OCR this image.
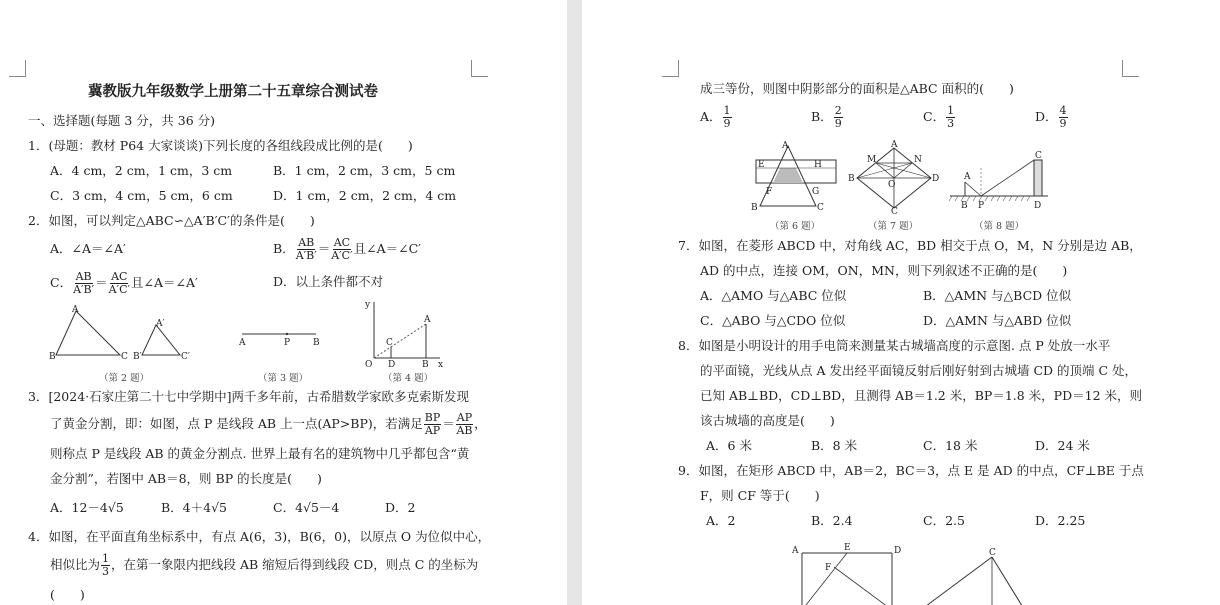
冀教版九年级数学上册第二十五章综合测试卷
一、选择题(每题 3 分，共 36 分)
1．(母题：教材 P64 大家谈谈)下列长度的各组线段成比例的是(　　)
A．4 cm，2 cm，1 cm，3 cm	B．1 cm，2 cm，3 cm，5 cm
C．3 cm，4 cm，5 cm，6 cm	D．1 cm，2 cm，2 cm，4 cm
2．如图，可以判定△ABC∽△A′B′C′的条件是(　　)
A．∠A＝∠A′	B． $\frac{AB}{A'B'} = \frac{AC}{A'C'}$ 且∠A＝∠C′
C． $\frac{AB}{A'B'} = \frac{AC}{A'C'}$ 且∠A＝∠A′	D．以上条件都不对
A
B	C
A′
B′	C′
（第 2 题）
A	P	B
（第 3 题）
y
x
O
A
B
C
D
（第 4 题）
3．[2024·石家庄第二十七中学期中]两千多年前，古希腊数学家欧多克索斯发现
了黄金分割，即：如图，点 P 是线段 AB 上一点(AP>BP)，若满足 $\frac{BP}{AP} = \frac{AP}{AB}$ ，
则称点 P 是线段 AB 的黄金分割点. 世界上最有名的建筑物中几乎都包含“黄
金分割”，若图中 AB＝8，则 BP 的长度是(　　)
A．12－4√5	B．4＋4√5	C．4√5－4	D．2
4．如图，在平面直角坐标系中，有点 A(6，3)，B(6，0)，以原点 O 为位似中心，
相似比为 $\frac{1}{3}$ ，在第一象限内把线段 AB 缩短后得到线段 CD，则点 C 的坐标为
(　　)
成三等份，则图中阴影部分的面积是△ABC 面积的(　　)
A． $\frac{1}{9}$	B． $\frac{2}{9}$	C． $\frac{1}{3}$	D． $\frac{4}{9}$
A
E	H
F	G
B	C
（第 6 题）
A
M	N
B	D
O
C
（第 7 题）
A
B P
C
D
（第 8 题）
7．如图，在菱形 ABCD 中，对角线 AC，BD 相交于点 O，M，N 分别是边 AB，
AD 的中点，连接 OM，ON，MN，则下列叙述不正确的是(　　)
A．△AMO 与△ABC 位似	B．△AMN 与△BCD 位似
C．△ABO 与△CDO 位似	D．△AMN 与△ABD 位似
8．如图是小明设计的用手电筒来测量某古城墙高度的示意图. 点 P 处放一水平
的平面镜，光线从点 A 发出经平面镜反射后刚好射到古城墙 CD 的顶端 C 处，
已知 AB⊥BD，CD⊥BD，且测得 AB＝1.2 米，BP＝1.8 米，PD＝12 米，则
该古城墙的高度是(　　)
A．6 米	B．8 米	C．18 米	D．24 米
9．如图，在矩形 ABCD 中，AB＝2，BC＝3，点 E 是 AD 的中点，CF⊥BE 于点
F，则 CF 等于(　　)
A．2	B．2.4	C．2.5	D．2.25
A	E	D
F
C
